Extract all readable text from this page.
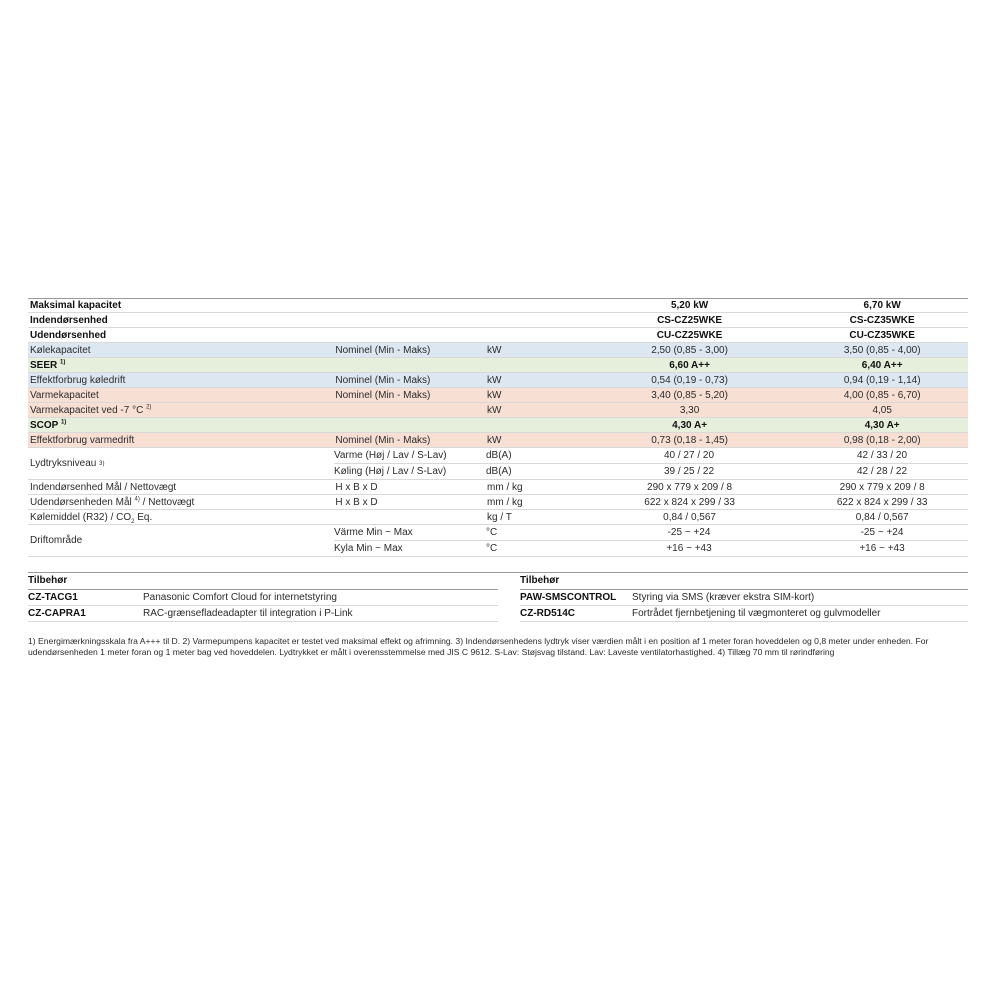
Maksimal kapacitet	5,20 kW	6,70 kW
Indendørsenhed	CS-CZ25WKE	CS-CZ35WKE
Udendørsenhed	CU-CZ25WKE	CU-CZ35WKE
Kølekapacitet	Nominel (Min - Maks)	kW	2,50 (0,85 - 3,00)	3,50 (0,85 - 4,00)
SEER $^{1)}$	6,60 A++	6,40 A++
Effektforbrug køledrift	Nominel (Min - Maks)	kW	0,54 (0,19 - 0,73)	0,94 (0,19 - 1,14)
Varmekapacitet	Nominel (Min - Maks)	kW	3,40 (0,85 - 5,20)	4,00 (0,85 - 6,70)
Varmekapacitet ved -7 °C $^{2)}$	kW	3,30	4,05
SCOP $^{1)}$	4,30 A+	4,30 A+
Effektforbrug varmedrift	Nominel (Min - Maks)	kW	0,73 (0,18 - 1,45)	0,98 (0,18 - 2,00)
Lydtryksniveau
3)
Varme (Høj / Lav / S-Lav)	dB(A)	40 / 27 / 20	42 / 33 / 20
Køling (Høj / Lav / S-Lav)	dB(A)	39 / 25 / 22	42 / 28 / 22
Indendørsenhed Mål / Nettovægt	H x B x D	mm / kg	290 x 779 x 209 / 8	290 x 779 x 209 / 8
Udendørsenheden Mål $^{4)}$ / Nettovægt	H x B x D	mm / kg	622 x 824 x 299 / 33	622 x 824 x 299 / 33
Kølemiddel $(R32) / CO_2$ Eq.	kg / T	0,84 / 0,567	0,84 / 0,567
Driftområde
Värme Min ~ Max	°C	-25 ~ +24	-25 ~ +24
Kyla Min ~ Max	°C	+16 ~ +43	+16 ~ +43
Tilbehør
CZ-TACG1	Panasonic Comfort Cloud for internetstyring
CZ-CAPRA1	RAC-grænsefladeadapter til integration i P-Link
Tilbehør
PAW-SMSCONTROL	Styring via SMS (kræver ekstra SIM-kort)
CZ-RD514C	Fortrådet fjernbetjening til vægmonteret og gulvmodeller
1) Energimærkningsskala fra A+++ til D. 2) Varmepumpens kapacitet er testet ved maksimal effekt og afrimning. 3) Indendørsenhedens lydtryk viser værdien målt i en position af 1 meter foran hoveddelen og 0,8 meter under enheden. For udendørsenheden 1 meter foran og 1 meter bag ved hoveddelen. Lydtrykket er målt i overensstemmelse med JIS C 9612. S-Lav: Støjsvag tilstand. Lav: Laveste ventilatorhastighed. 4) Tillæg 70 mm til rørindføring
